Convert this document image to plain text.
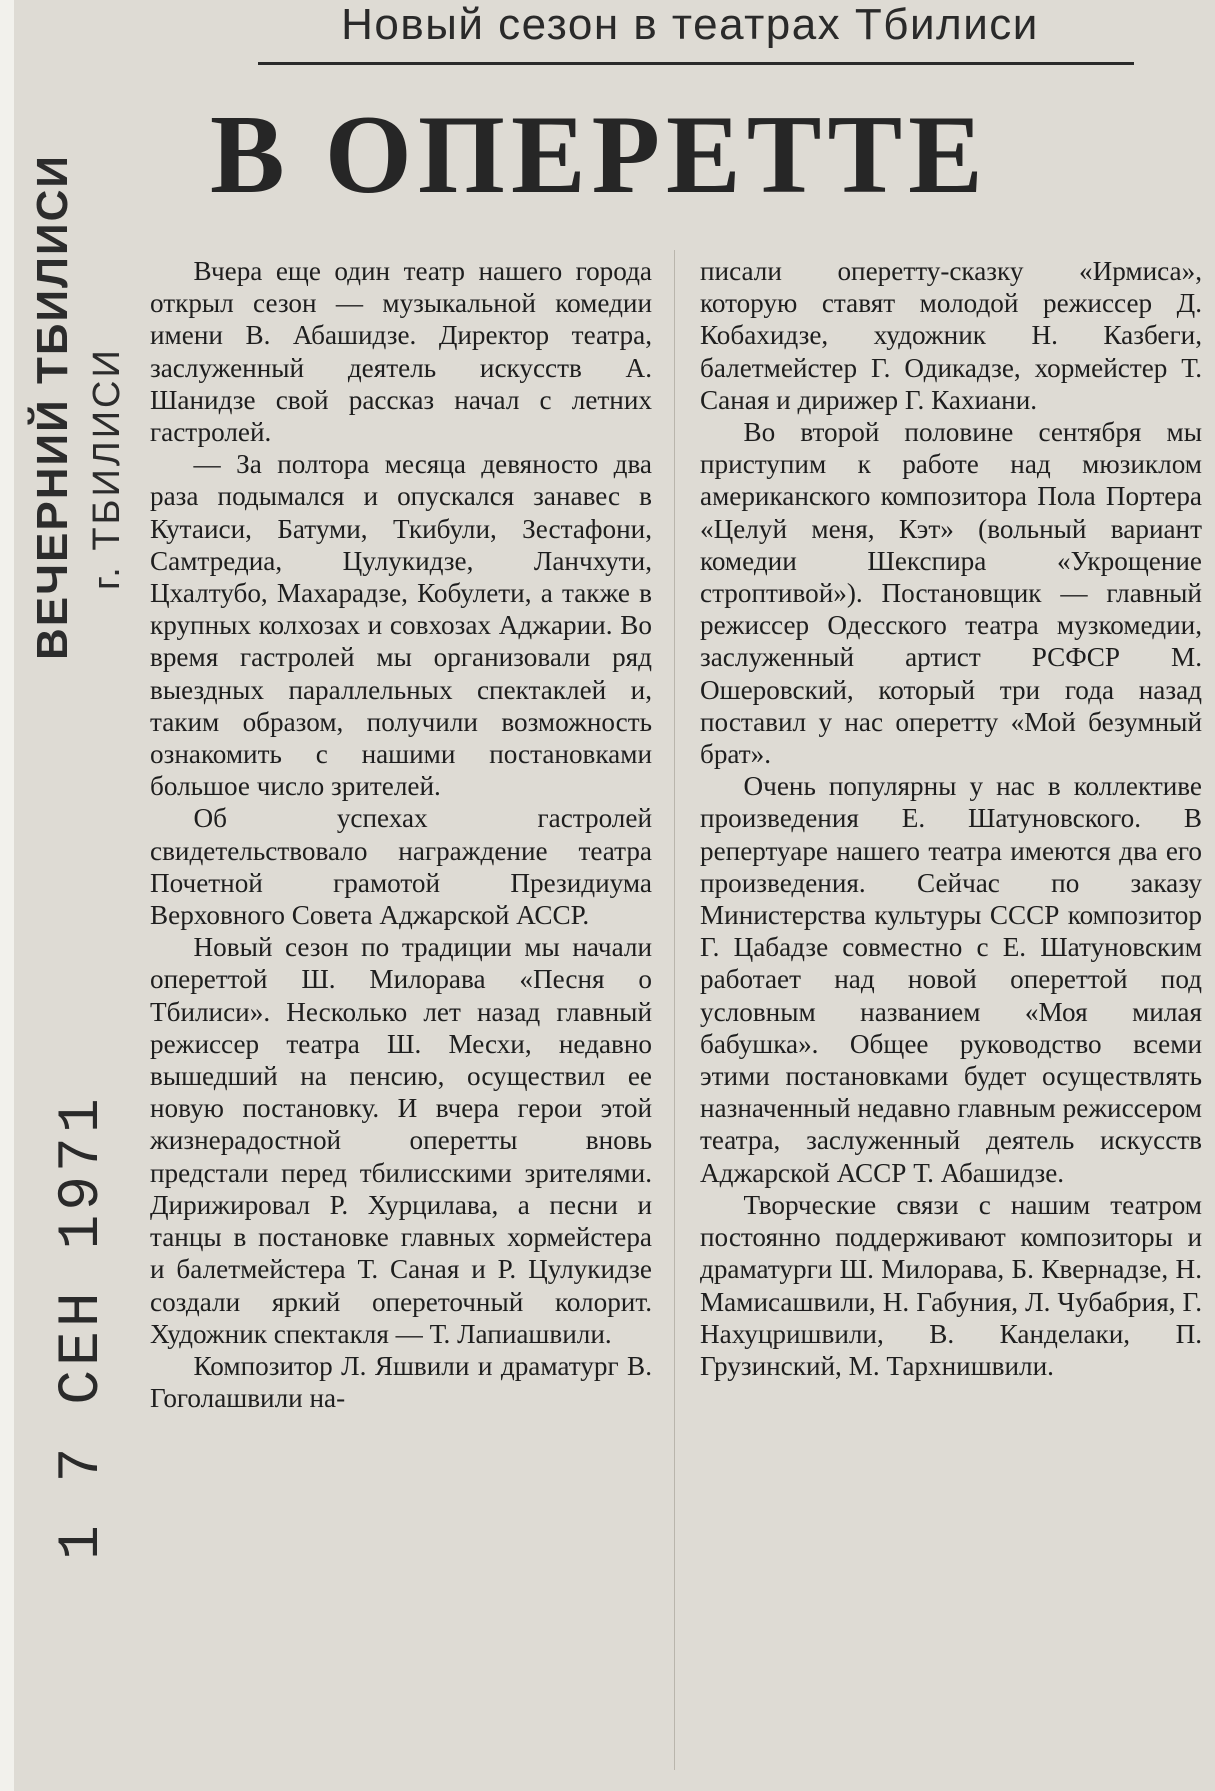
Новый сезон в театрах Тбилиси
В ОПЕРЕТТЕ
ВЕЧЕРНИЙ ТБИЛИСИ г. ТБИЛИСИ
1 7 СЕН 1971

Вчера еще один театр нашего города открыл сезон — музыкальной комедии имени В. Абашидзе. Директор театра, заслуженный деятель искусств А. Шанидзе свой рассказ начал с летних гастролей.

— За полтора месяца девяносто два раза подымался и опускался занавес в Кутаиси, Батуми, Ткибули, Зестафони, Самтредиа, Цулукидзе, Ланчхути, Цхалтубо, Махарадзе, Кобулети, а также в крупных колхозах и совхозах Аджарии. Во время гастролей мы организовали ряд выездных параллельных спектаклей и, таким образом, получили возможность ознакомить с нашими постановками большое число зрителей.

Об успехах гастролей свидетельствовало награждение театра Почетной грамотой Президиума Верховного Совета Аджарской АССР.

Новый сезон по традиции мы начали опереттой Ш. Милорава «Песня о Тбилиси». Несколько лет назад главный режиссер театра Ш. Месхи, недавно вышедший на пенсию, осуществил ее новую постановку. И вчера герои этой жизнерадостной оперетты вновь предстали перед тбилисскими зрителями. Дирижировал Р. Хурцилава, а песни и танцы в постановке главных хормейстера и балетмейстера Т. Саная и Р. Цулукидзе создали яркий опереточный колорит. Художник спектакля — Т. Лапиашвили.

Композитор Л. Яшвили и драматург В. Гоголашвили на-

писали оперетту-сказку «Ирмиса», которую ставят молодой режиссер Д. Кобахидзе, художник Н. Казбеги, балетмейстер Г. Одикадзе, хормейстер Т. Саная и дирижер Г. Кахиани.

Во второй половине сентября мы приступим к работе над мюзиклом американского композитора Пола Портера «Целуй меня, Кэт» (вольный вариант комедии Шекспира «Укрощение строптивой»). Постановщик — главный режиссер Одесского театра музкомедии, заслуженный артист РСФСР М. Ошеровский, который три года назад поставил у нас оперетту «Мой безумный брат».

Очень популярны у нас в коллективе произведения Е. Шатуновского. В репертуаре нашего театра имеются два его произведения. Сейчас по заказу Министерства культуры СССР композитор Г. Цабадзе совместно с Е. Шатуновским работает над новой опереттой под условным названием «Моя милая бабушка». Общее руководство всеми этими постановками будет осуществлять назначенный недавно главным режиссером театра, заслуженный деятель искусств Аджарской АССР Т. Абашидзе.

Творческие связи с нашим театром постоянно поддерживают композиторы и драматурги Ш. Милорава, Б. Квернадзе, Н. Мамисашвили, Н. Габуния, Л. Чубабрия, Г. Нахуцришвили, В. Канделаки, П. Грузинский, М. Тархнишвили.
